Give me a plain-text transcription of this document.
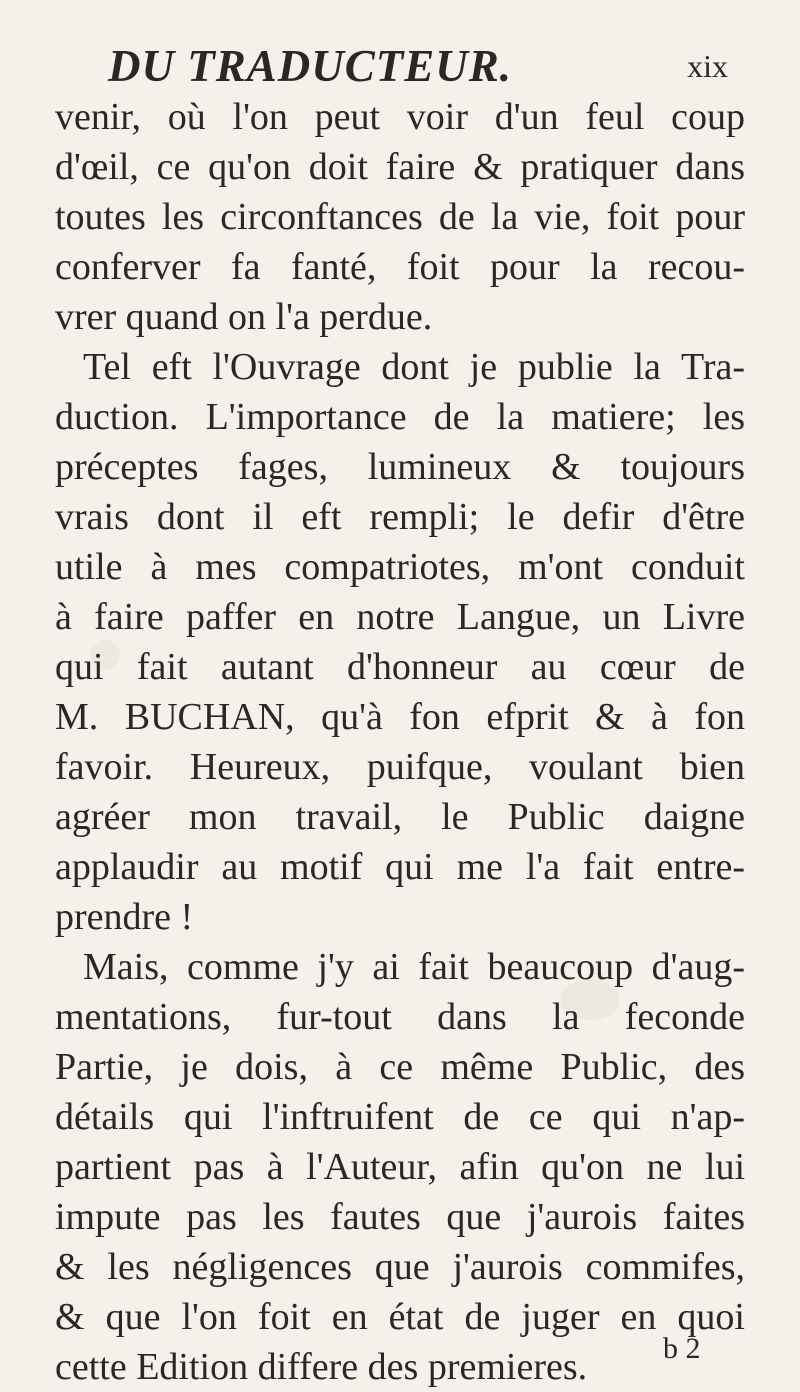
DU TRADUCTEUR.	xix
venir, où l'on peut voir d'un feul coup
d'œil, ce qu'on doit faire & pratiquer dans
toutes les circonftances de la vie, foit pour
conferver fa fanté, foit pour la recou-
vrer quand on l'a perdue.
Tel eft l'Ouvrage dont je publie la Tra-
duction. L'importance de la matiere; les
préceptes fages, lumineux & toujours
vrais dont il eft rempli; le defir d'être
utile à mes compatriotes, m'ont conduit
à faire paffer en notre Langue, un Livre
qui fait autant d'honneur au cœur de
M. BUCHAN, qu'à fon efprit & à fon
favoir. Heureux, puifque, voulant bien
agréer mon travail, le Public daigne
applaudir au motif qui me l'a fait entre-
prendre !
Mais, comme j'y ai fait beaucoup d'aug-
mentations, fur-tout dans la feconde
Partie, je dois, à ce même Public, des
détails qui l'inftruifent de ce qui n'ap-
partient pas à l'Auteur, afin qu'on ne lui
impute pas les fautes que j'aurois faites
& les négligences que j'aurois commifes,
& que l'on foit en état de juger en quoi
cette Edition differe des premieres.	b 2
